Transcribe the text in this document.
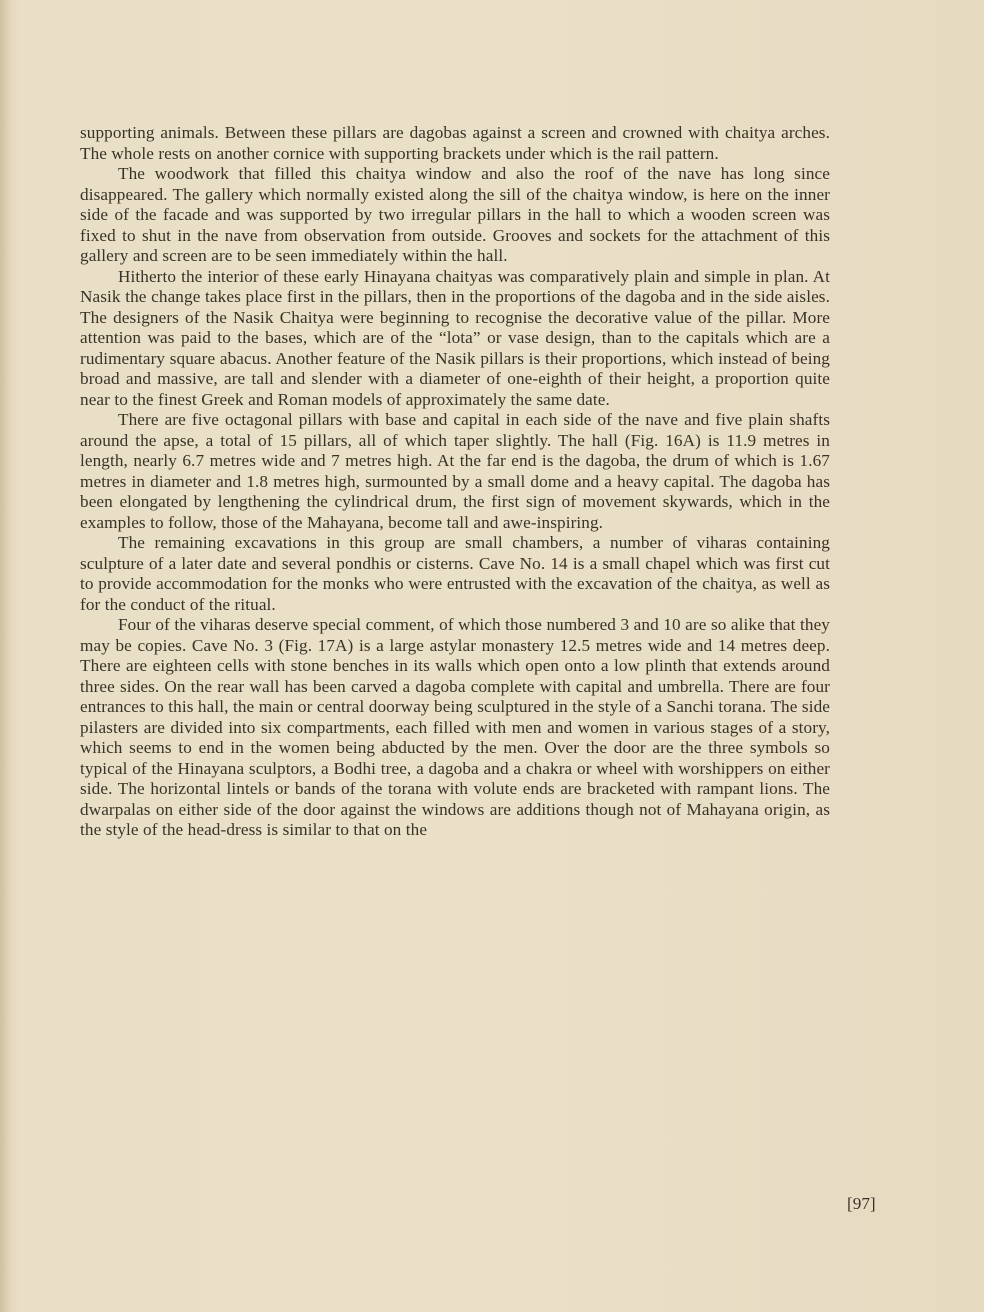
supporting animals. Between these pillars are dagobas against a screen and crowned with chaitya arches. The whole rests on another cornice with supporting brackets under which is the rail pattern.

The woodwork that filled this chaitya window and also the roof of the nave has long since disappeared. The gallery which normally existed along the sill of the chaitya window, is here on the inner side of the facade and was supported by two irregular pillars in the hall to which a wooden screen was fixed to shut in the nave from observation from outside. Grooves and sockets for the attachment of this gallery and screen are to be seen immediately within the hall.

Hitherto the interior of these early Hinayana chaityas was comparatively plain and simple in plan. At Nasik the change takes place first in the pillars, then in the proportions of the dagoba and in the side aisles. The designers of the Nasik Chaitya were beginning to recognise the decorative value of the pillar. More attention was paid to the bases, which are of the “lota” or vase design, than to the capitals which are a rudimentary square abacus. Another feature of the Nasik pillars is their proportions, which instead of being broad and massive, are tall and slender with a diameter of one-eighth of their height, a proportion quite near to the finest Greek and Roman models of approximately the same date.

There are five octagonal pillars with base and capital in each side of the nave and five plain shafts around the apse, a total of 15 pillars, all of which taper slightly. The hall (Fig. 16A) is 11.9 metres in length, nearly 6.7 metres wide and 7 metres high. At the far end is the dagoba, the drum of which is 1.67 metres in diameter and 1.8 metres high, surmounted by a small dome and a heavy capital. The dagoba has been elongated by lengthening the cylindrical drum, the first sign of movement skywards, which in the examples to follow, those of the Mahayana, become tall and awe-inspiring.

The remaining excavations in this group are small chambers, a number of viharas containing sculpture of a later date and several pondhis or cisterns. Cave No. 14 is a small chapel which was first cut to provide accommodation for the monks who were entrusted with the excavation of the chaitya, as well as for the conduct of the ritual.

Four of the viharas deserve special comment, of which those numbered 3 and 10 are so alike that they may be copies. Cave No. 3 (Fig. 17A) is a large astylar monastery 12.5 metres wide and 14 metres deep. There are eighteen cells with stone benches in its walls which open onto a low plinth that extends around three sides. On the rear wall has been carved a dagoba complete with capital and umbrella. There are four entrances to this hall, the main or central doorway being sculptured in the style of a Sanchi torana. The side pilasters are divided into six compartments, each filled with men and women in various stages of a story, which seems to end in the women being abducted by the men. Over the door are the three symbols so typical of the Hinayana sculptors, a Bodhi tree, a dagoba and a chakra or wheel with worshippers on either side. The horizontal lintels or bands of the torana with volute ends are bracketed with rampant lions. The dwarpalas on either side of the door against the windows are additions though not of Mahayana origin, as the style of the head-dress is similar to that on the

[97]
